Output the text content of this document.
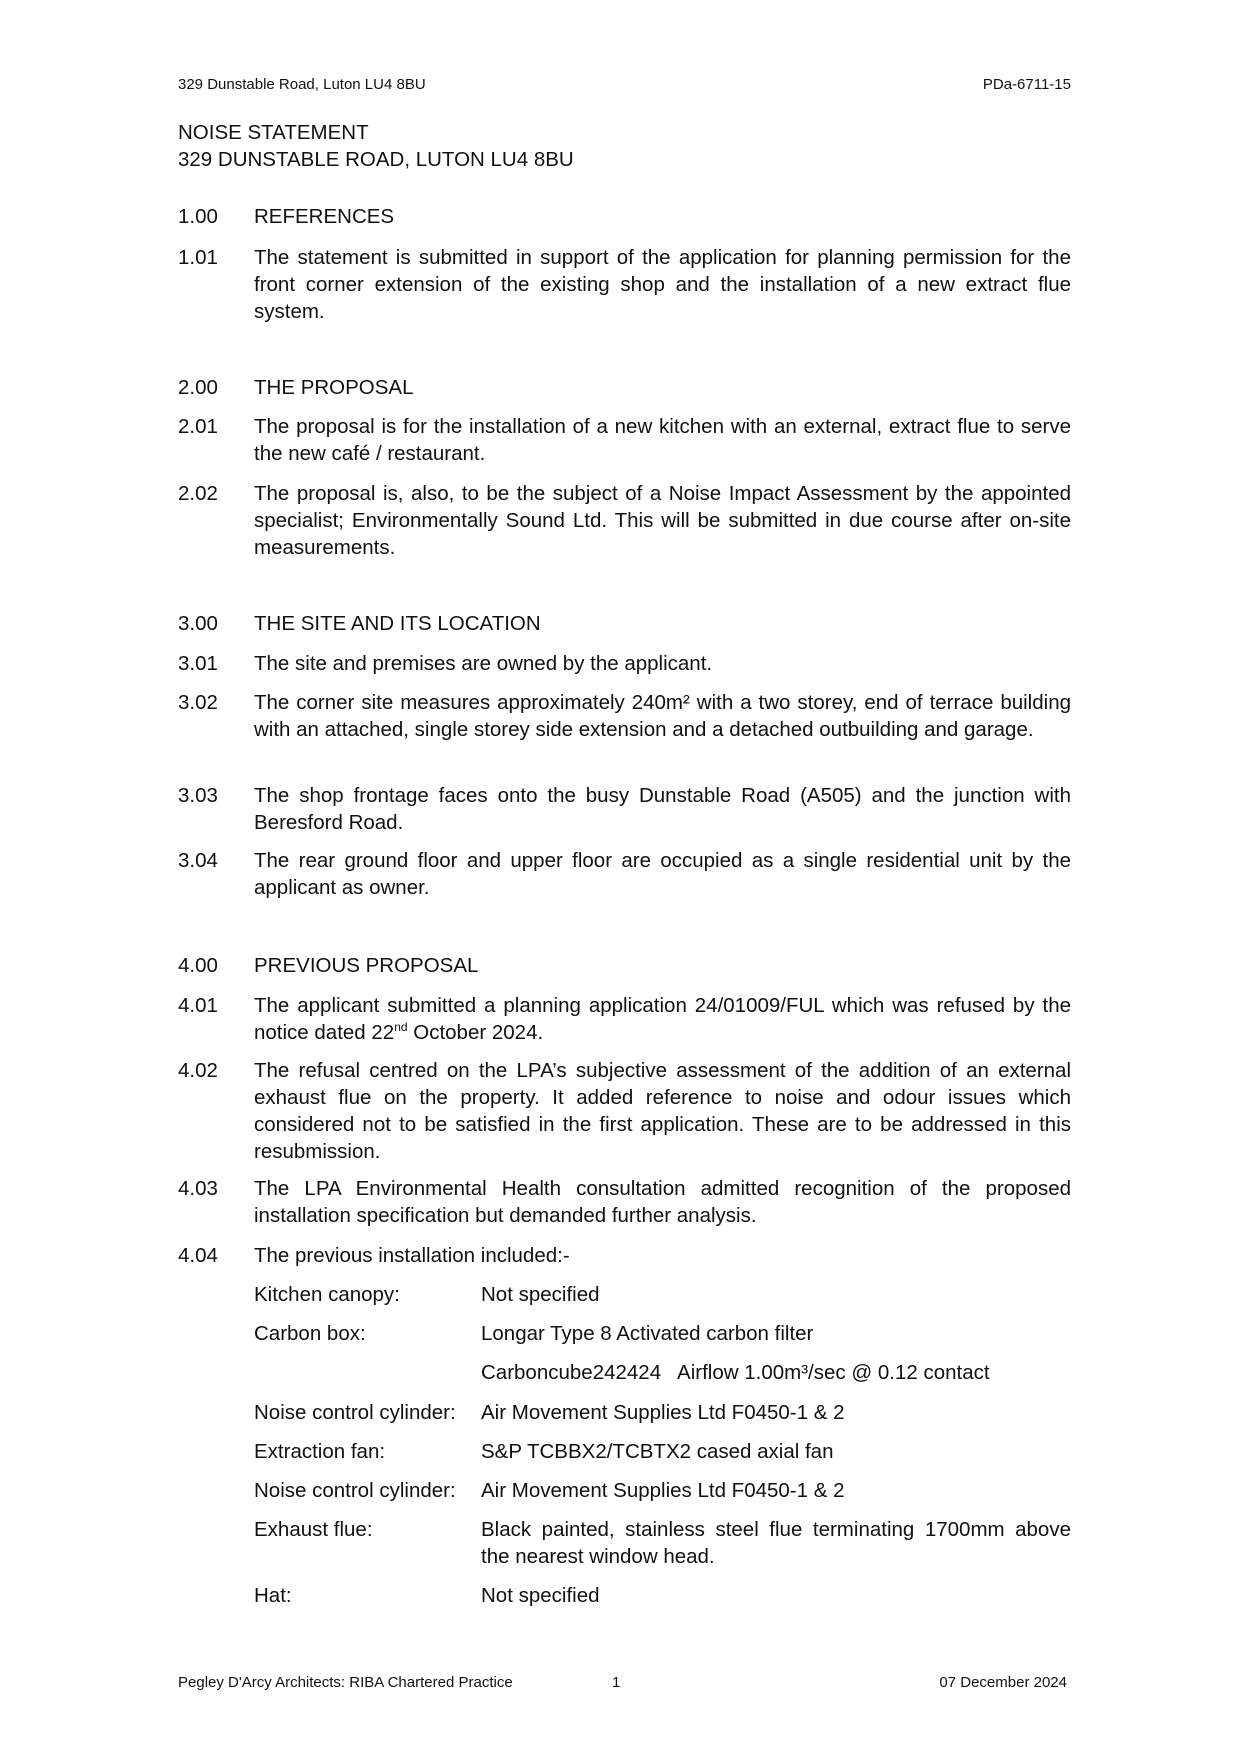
329 Dunstable Road, Luton LU4 8BU	PDa-6711-15
NOISE STATEMENT
329 DUNSTABLE ROAD, LUTON LU4 8BU
1.00 REFERENCES
1.01 The statement is submitted in support of the application for planning permission for the front corner extension of the existing shop and the installation of a new extract flue system.
2.00 THE PROPOSAL
2.01 The proposal is for the installation of a new kitchen with an external, extract flue to serve the new café / restaurant.
2.02 The proposal is, also, to be the subject of a Noise Impact Assessment by the appointed specialist; Environmentally Sound Ltd. This will be submitted in due course after on-site measurements.
3.00 THE SITE AND ITS LOCATION
3.01 The site and premises are owned by the applicant.
3.02 The corner site measures approximately 240m² with a two storey, end of terrace building with an attached, single storey side extension and a detached outbuilding and garage.
3.03 The shop frontage faces onto the busy Dunstable Road (A505) and the junction with Beresford Road.
3.04 The rear ground floor and upper floor are occupied as a single residential unit by the applicant as owner.
4.00 PREVIOUS PROPOSAL
4.01 The applicant submitted a planning application 24/01009/FUL which was refused by the notice dated 22nd October 2024.
4.02 The refusal centred on the LPA’s subjective assessment of the addition of an external exhaust flue on the property. It added reference to noise and odour issues which considered not to be satisfied in the first application. These are to be addressed in this resubmission.
4.03 The LPA Environmental Health consultation admitted recognition of the proposed installation specification but demanded further analysis.
4.04 The previous installation included:-
Kitchen canopy:	Not specified
Carbon box:	Longar Type 8 Activated carbon filter
Carboncube242424   Airflow 1.00m³/sec @ 0.12 contact
Noise control cylinder: Air Movement Supplies Ltd F0450-1 & 2
Extraction fan:	S&P TCBBX2/TCBTX2 cased axial fan
Noise control cylinder: Air Movement Supplies Ltd F0450-1 & 2
Exhaust flue:	Black painted, stainless steel flue terminating 1700mm above the nearest window head.
Hat:	Not specified
Pegley D'Arcy Architects: RIBA Chartered Practice	1	07 December 2024
